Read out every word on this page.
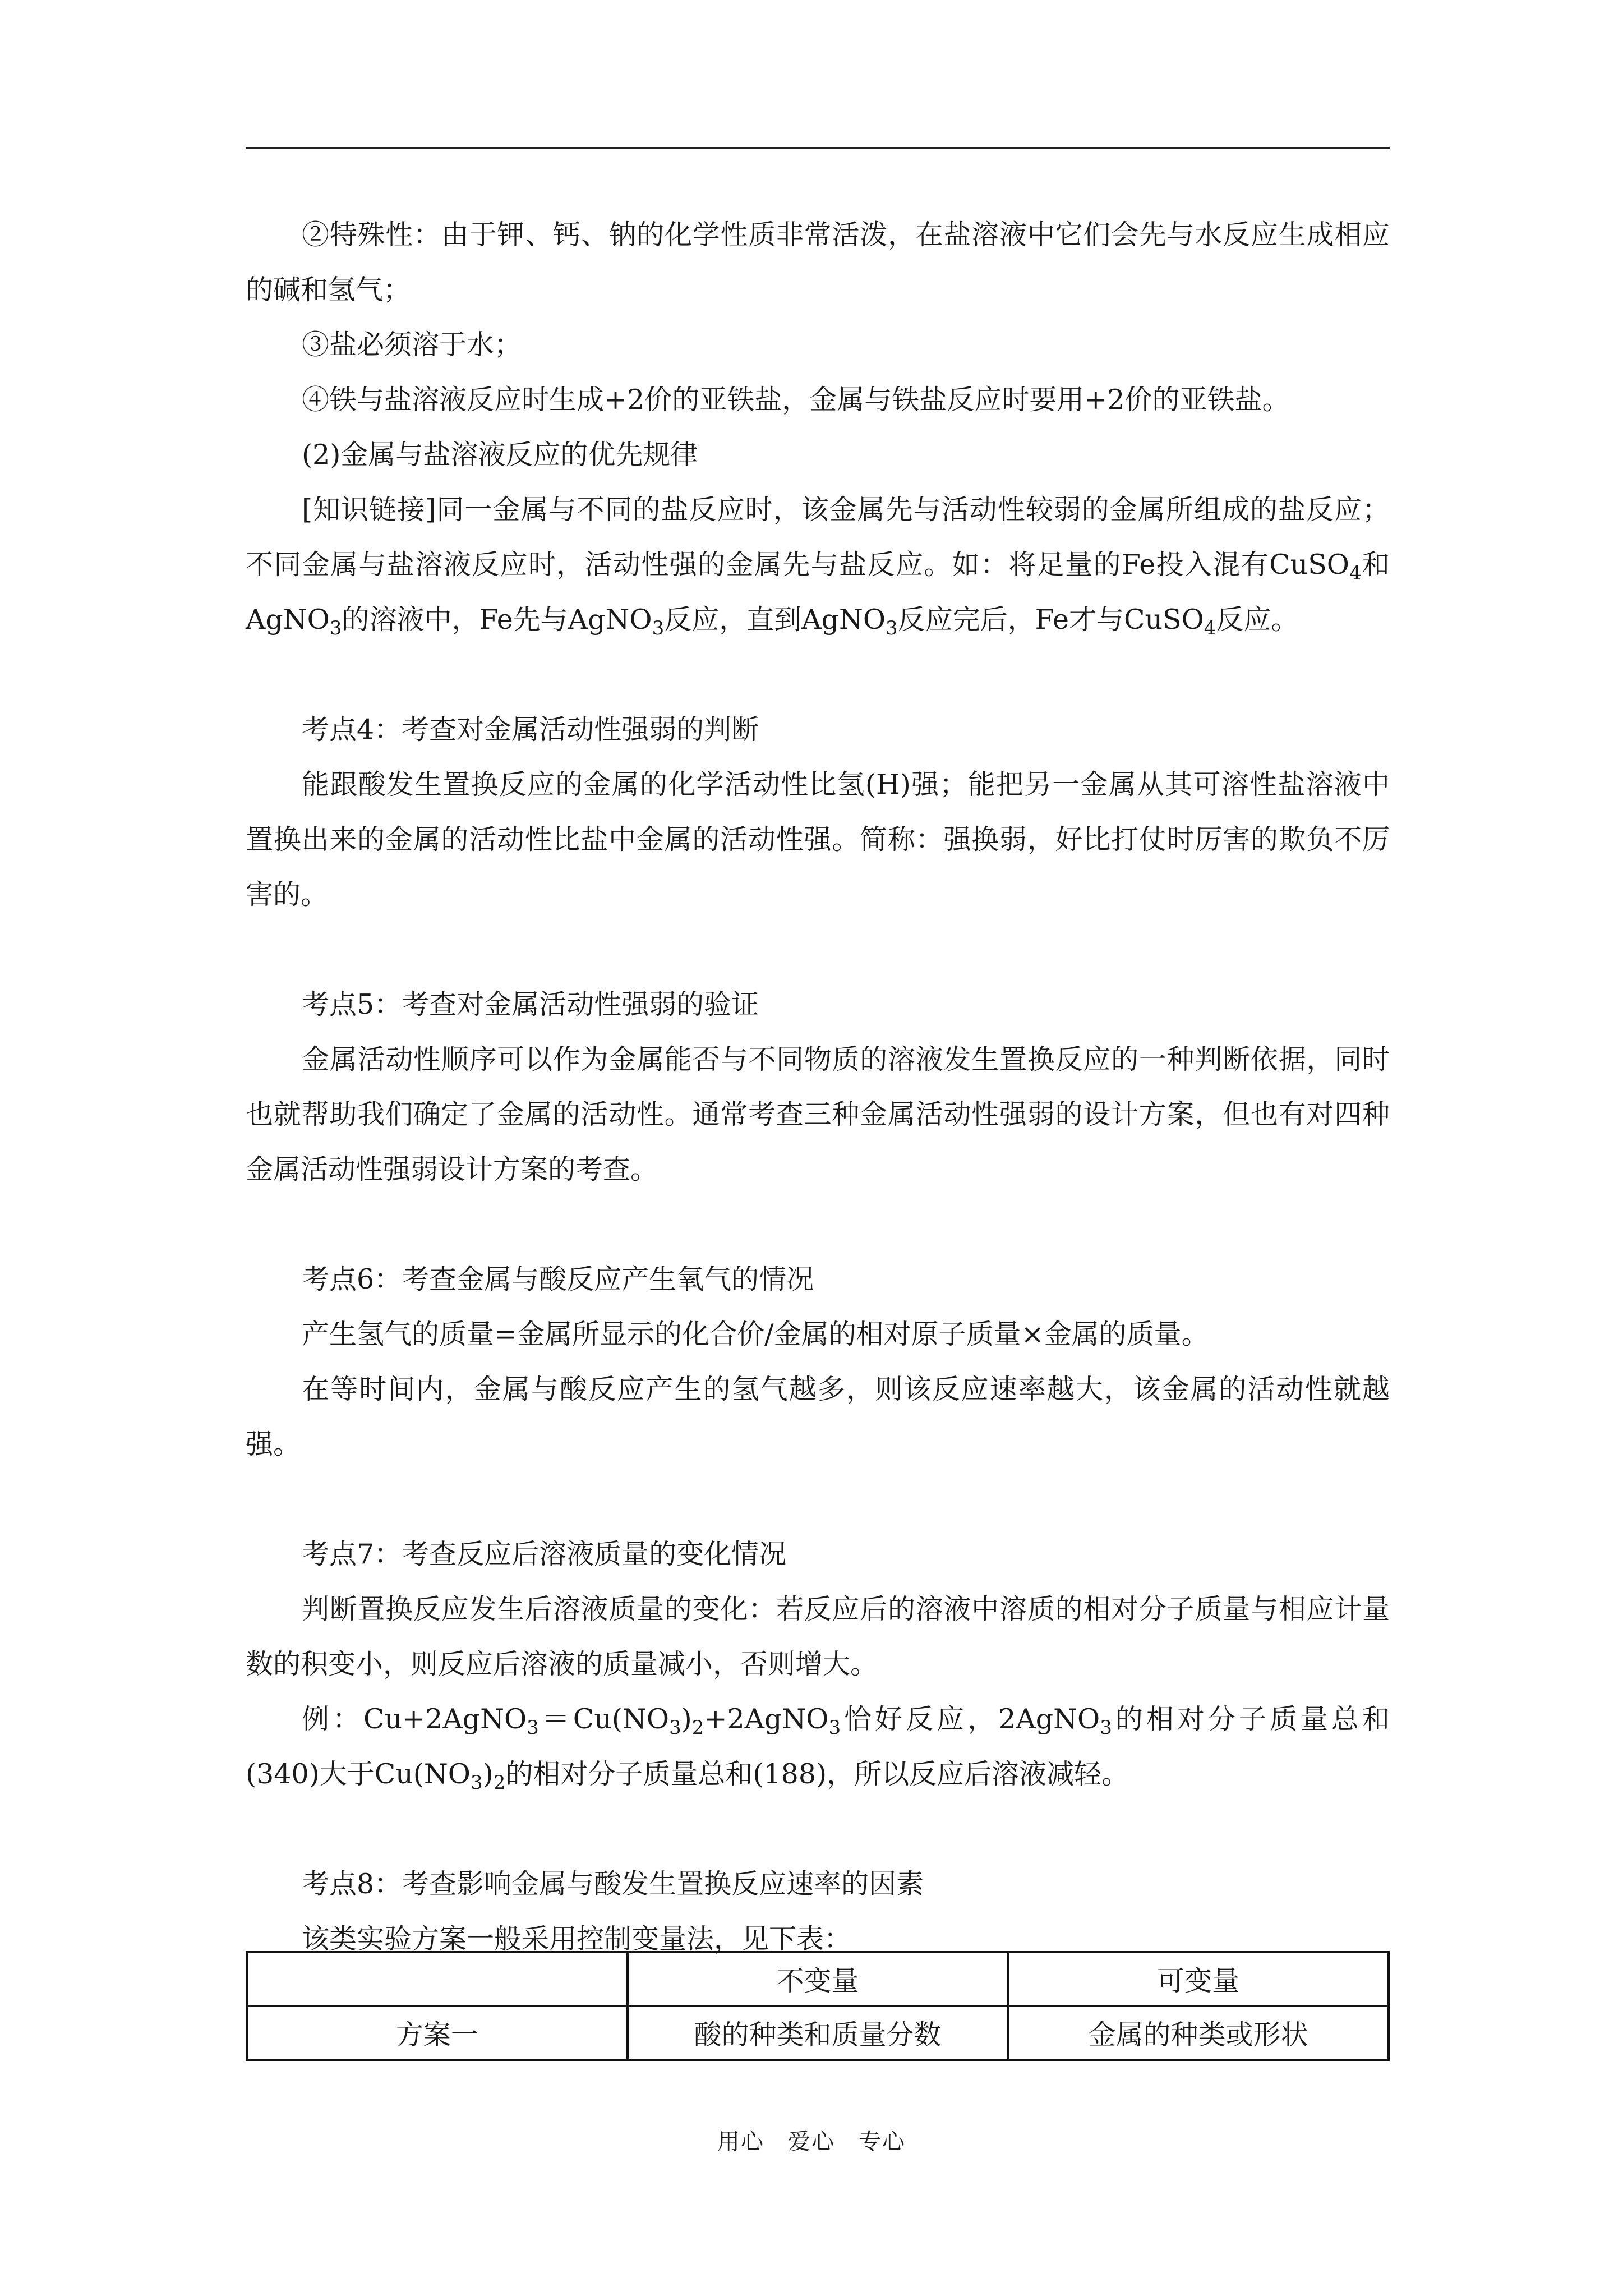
②特殊性：由于钾、钙、钠的化学性质非常活泼，在盐溶液中它们会先与水反应生成相应的碱和氢气；

③盐必须溶于水；

④铁与盐溶液反应时生成+2价的亚铁盐，金属与铁盐反应时要用+2价的亚铁盐。

(2)金属与盐溶液反应的优先规律

[知识链接]同一金属与不同的盐反应时，该金属先与活动性较弱的金属所组成的盐反应；不同金属与盐溶液反应时，活动性强的金属先与盐反应。如：将足量的Fe投入混有CuSO$_4$和AgNO$_3$的溶液中，Fe先与AgNO$_3$反应，直到AgNO$_3$反应完后，Fe才与CuSO$_4$反应。

考点4：考查对金属活动性强弱的判断

能跟酸发生置换反应的金属的化学活动性比氢(H)强；能把另一金属从其可溶性盐溶液中置换出来的金属的活动性比盐中金属的活动性强。简称：强换弱，好比打仗时厉害的欺负不厉害的。

考点5：考查对金属活动性强弱的验证

金属活动性顺序可以作为金属能否与不同物质的溶液发生置换反应的一种判断依据，同时也就帮助我们确定了金属的活动性。通常考查三种金属活动性强弱的设计方案，但也有对四种金属活动性强弱设计方案的考查。

考点6：考查金属与酸反应产生氧气的情况

产生氢气的质量=金属所显示的化合价/金属的相对原子质量×金属的质量。

在等时间内，金属与酸反应产生的氢气越多，则该反应速率越大，该金属的活动性就越强。

考点7：考查反应后溶液质量的变化情况

判断置换反应发生后溶液质量的变化：若反应后的溶液中溶质的相对分子质量与相应计量数的积变小，则反应后溶液的质量减小，否则增大。

例：$Cu+2AgNO_3=Cu(NO_3)_2+2AgNO_3$恰好反应，2AgNO$_3$的相对分子质量总和(340)大于$Cu(NO_3)_2$的相对分子质量总和(188)，所以反应后溶液减轻。

考点8：考查影响金属与酸发生置换反应速率的因素

该类实验方案一般采用控制变量法，见下表：

	不变量	可变量
方案一	酸的种类和质量分数	金属的种类或形状
用心　爱心　专心
